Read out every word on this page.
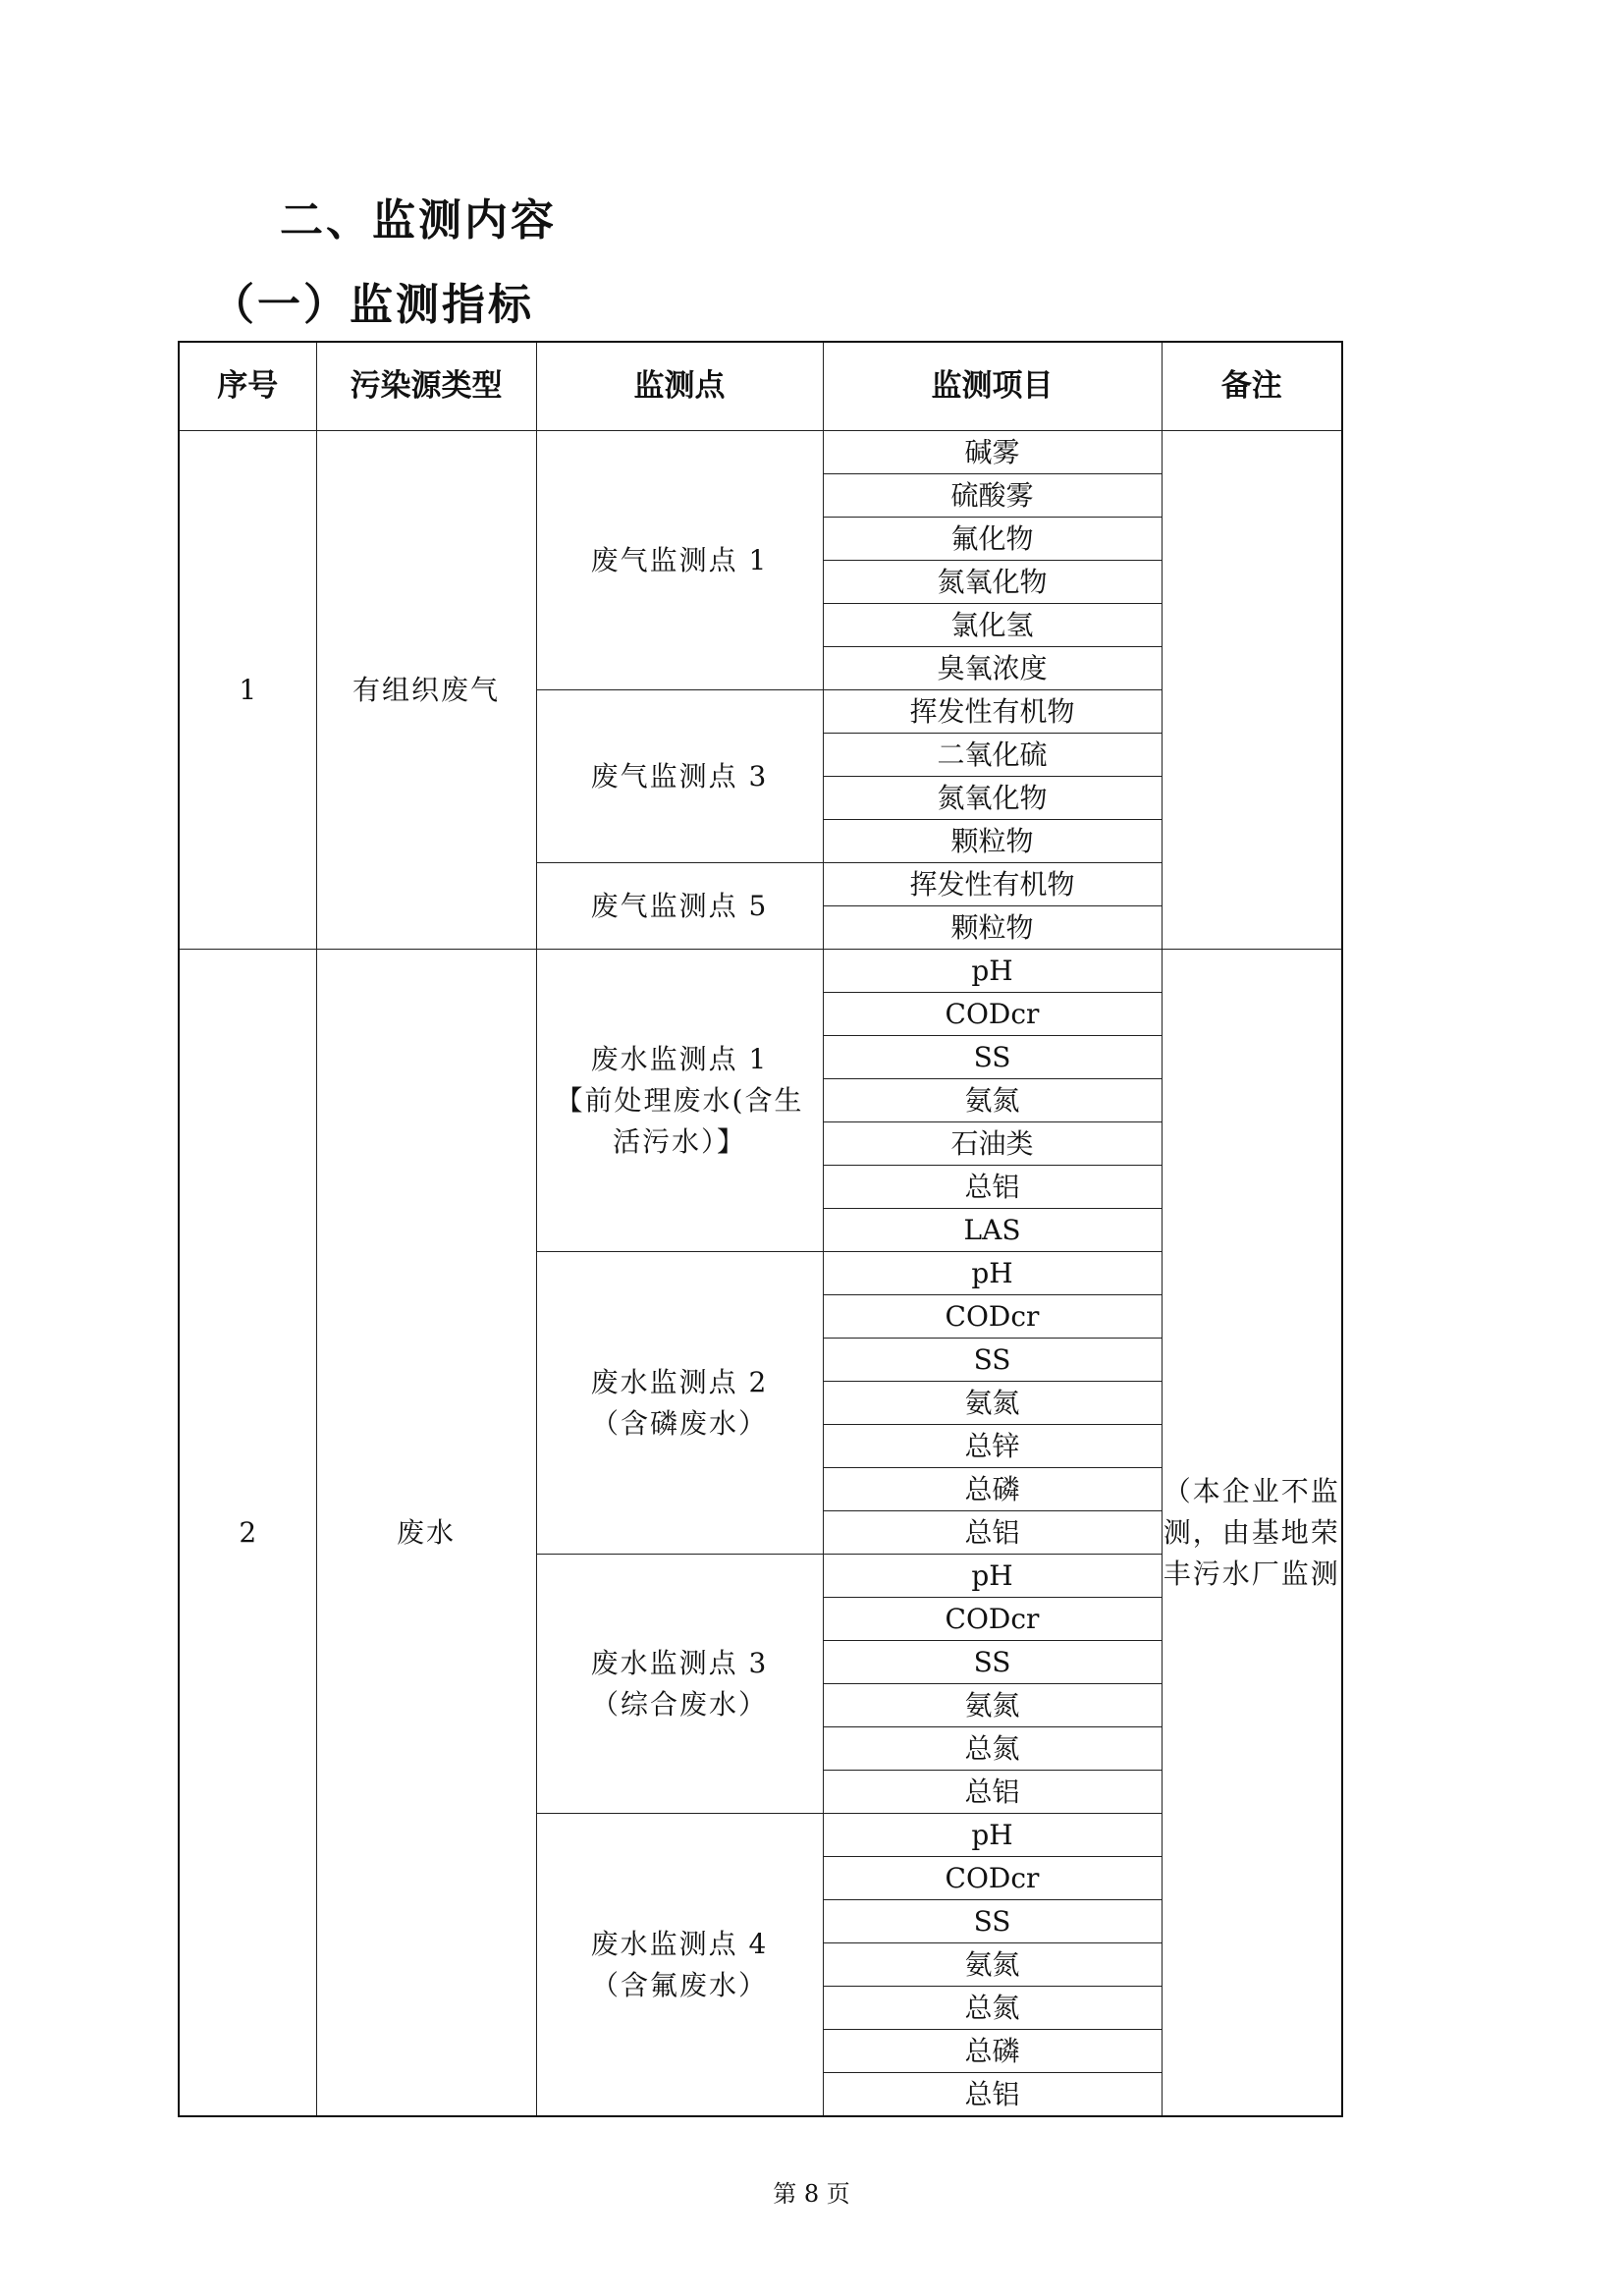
二、监测内容
（一）监测指标
序号	污染源类型	监测点	监测项目	备注
1	有组织废气	废气监测点 1	碱雾	
			硫酸雾	
			氟化物	
			氮氧化物	
			氯化氢	
			臭氧浓度	

		废气监测点 3	挥发性有机物	
			二氧化硫	
			氮氧化物	
			颗粒物	

		废气监测点 5	挥发性有机物	
			颗粒物	
2	废水	废水监测点 1
【前处理废水(含生
活污水）】	pH	（本企业不监测，由基地荣丰污水厂监测
			CODcr	
			SS	
			氨氮	
			石油类	
			总铝	
			LAS	

		废水监测点 2
（含磷废水）	pH	
			CODcr	
			SS	
			氨氮	
			总锌	
			总磷	
			总铝	

		废水监测点 3
（综合废水）	pH	
			CODcr	
			SS	
			氨氮	
			总氮	
			总铝	

		废水监测点 4
（含氟废水）	pH	
			CODcr	
			SS	
			氨氮	
			总氮	
			总磷	
			总铝	
第 8 页
